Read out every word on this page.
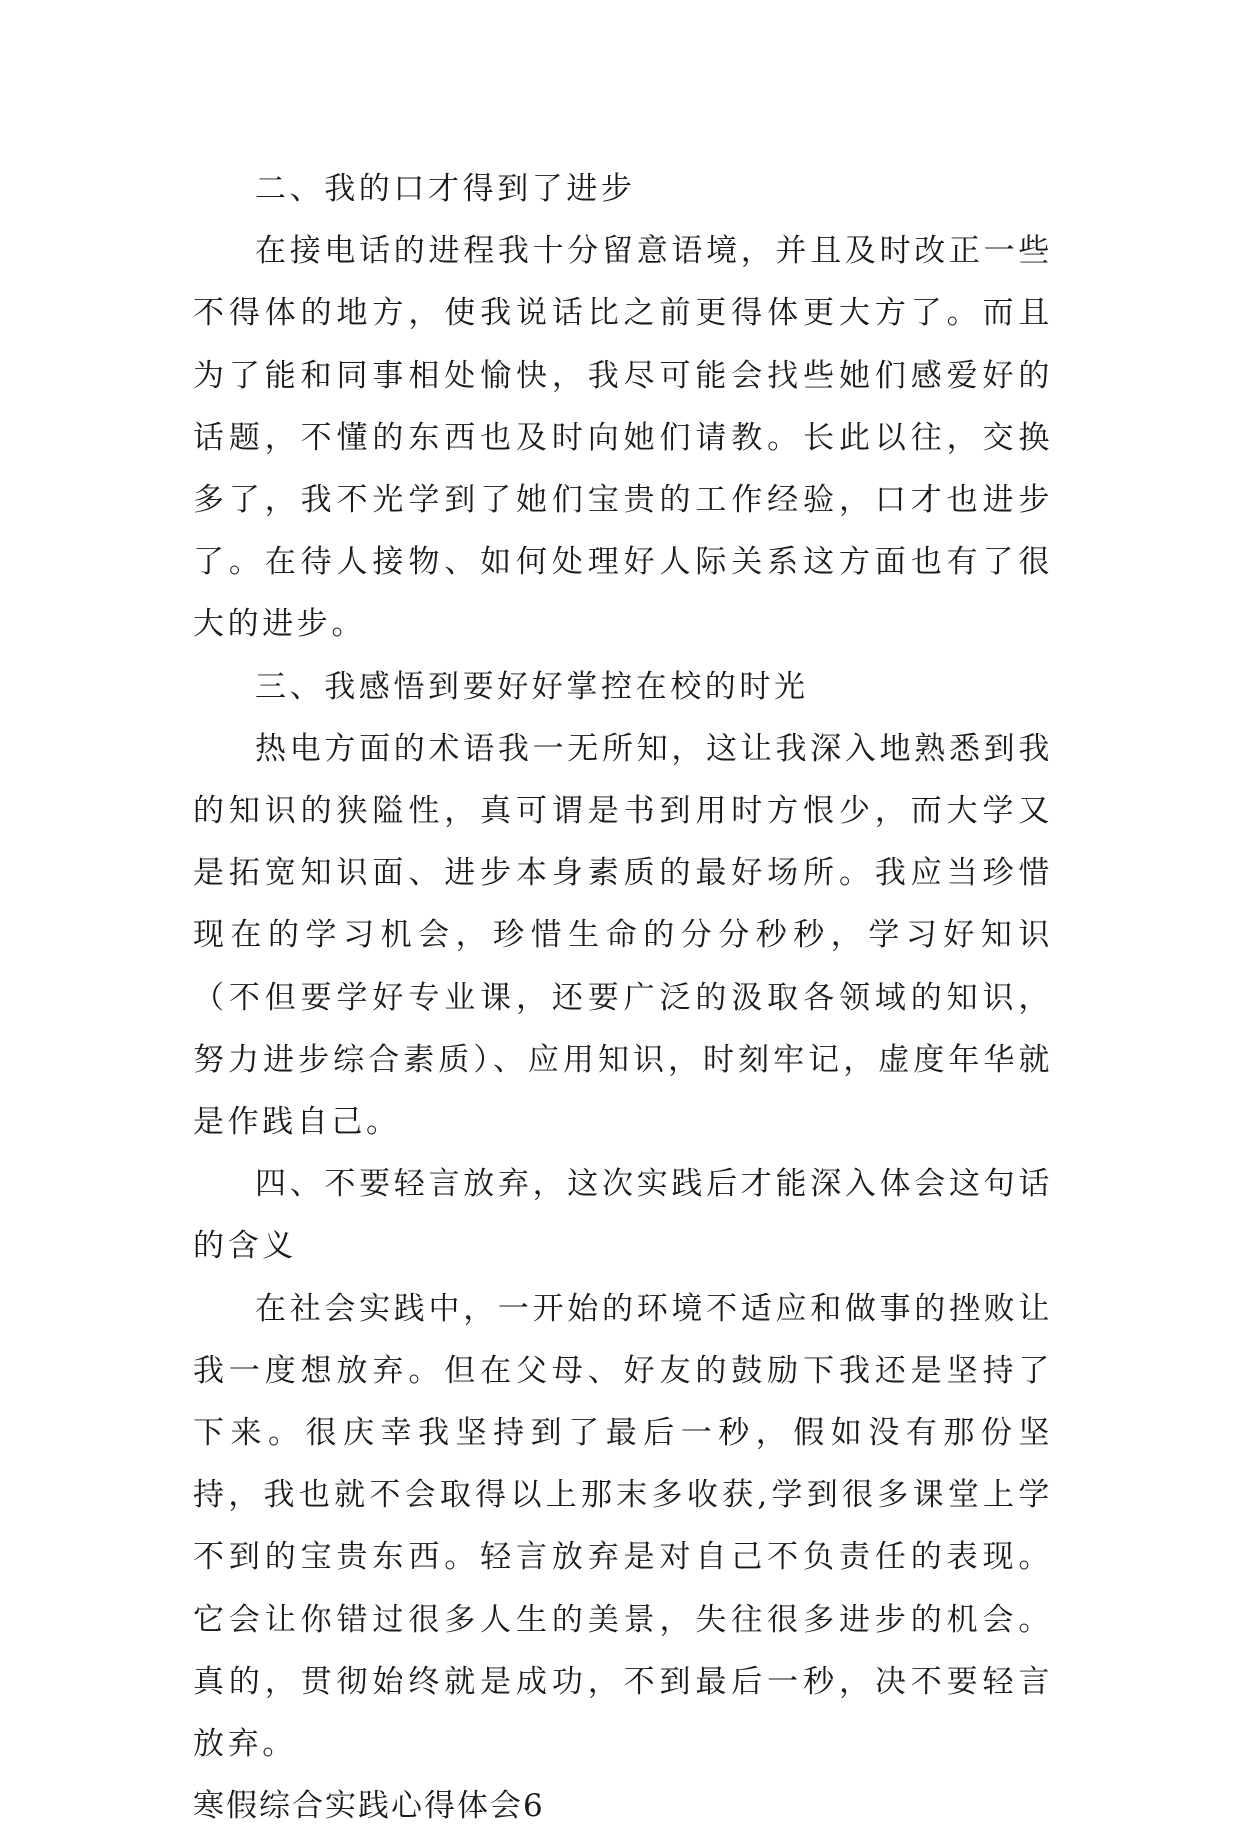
二、我的口才得到了进步

在接电话的进程我十分留意语境，并且及时改正一些不得体的地方，使我说话比之前更得体更大方了。而且为了能和同事相处愉快，我尽可能会找些她们感爱好的话题，不懂的东西也及时向她们请教。长此以往，交换多了，我不光学到了她们宝贵的工作经验，口才也进步了。在待人接物、如何处理好人际关系这方面也有了很大的进步。

三、我感悟到要好好掌控在校的时光

热电方面的术语我一无所知，这让我深入地熟悉到我的知识的狭隘性，真可谓是书到用时方恨少，而大学又是拓宽知识面、进步本身素质的最好场所。我应当珍惜现在的学习机会，珍惜生命的分分秒秒，学习好知识（不但要学好专业课，还要广泛的汲取各领域的知识，努力进步综合素质）、应用知识，时刻牢记，虚度年华就是作践自己。

四、不要轻言放弃，这次实践后才能深入体会这句话的含义

在社会实践中，一开始的环境不适应和做事的挫败让我一度想放弃。但在父母、好友的鼓励下我还是坚持了下来。很庆幸我坚持到了最后一秒，假如没有那份坚持，我也就不会取得以上那末多收获,学到很多课堂上学不到的宝贵东西。轻言放弃是对自己不负责任的表现。它会让你错过很多人生的美景，失往很多进步的机会。真的，贯彻始终就是成功，不到最后一秒，决不要轻言放弃。

寒假综合实践心得体会6
